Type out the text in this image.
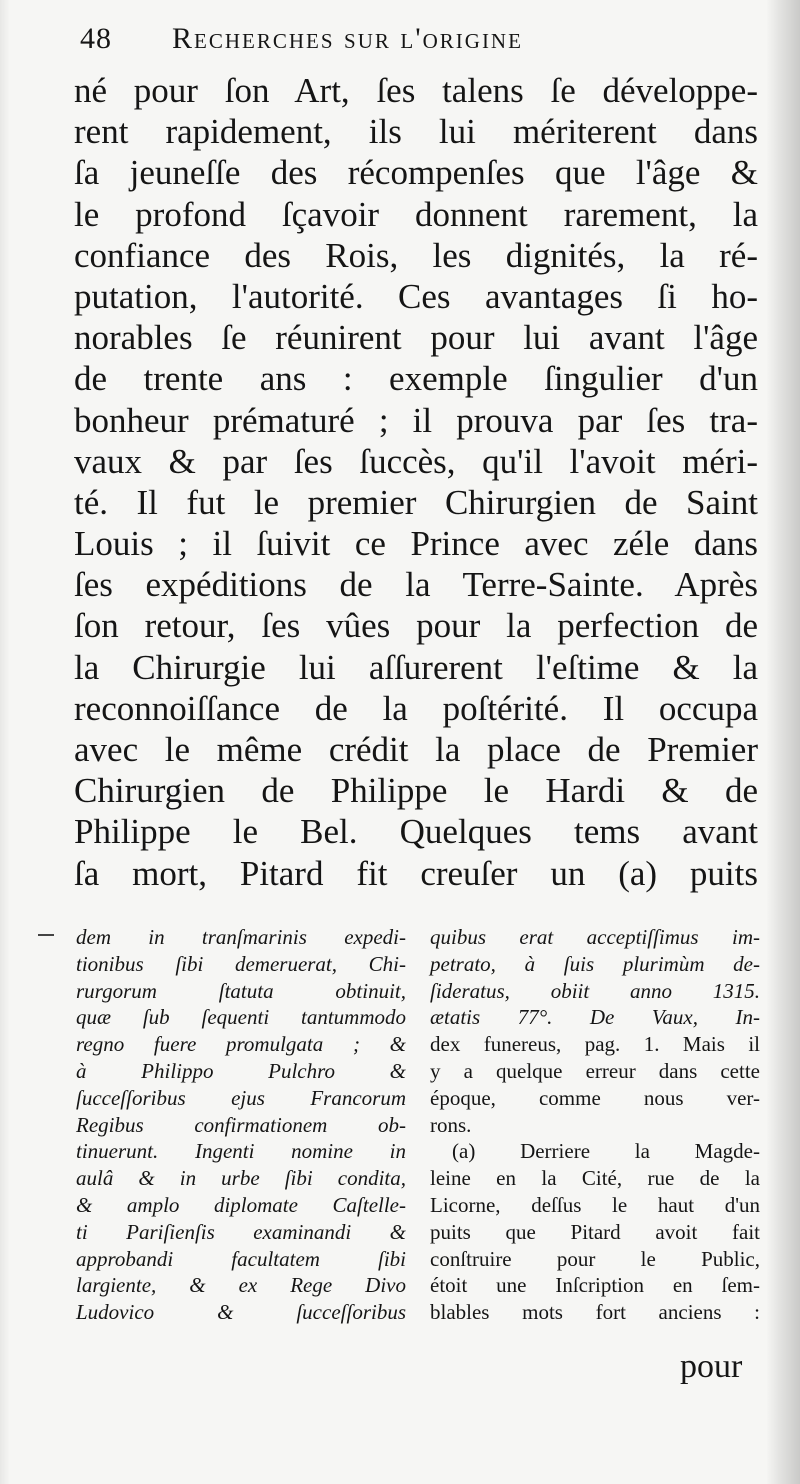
48 Recherches sur l'origine
né pour ſon Art, ſes talens ſe développe-
rent rapidement, ils lui mériterent dans
ſa jeuneſſe des récompenſes que l'âge &
le profond ſçavoir donnent rarement, la
confiance des Rois, les dignités, la ré-
putation, l'autorité. Ces avantages ſi ho-
norables ſe réunirent pour lui avant l'âge
de trente ans : exemple ſingulier d'un
bonheur prématuré ; il prouva par ſes tra-
vaux & par ſes ſuccès, qu'il l'avoit méri-
té. Il fut le premier Chirurgien de Saint
Louis ; il ſuivit ce Prince avec zéle dans
ſes expéditions de la Terre-Sainte. Après
ſon retour, ſes vûes pour la perfection de
la Chirurgie lui aſſurerent l'eſtime & la
reconnoiſſance de la poſtérité. Il occupa
avec le même crédit la place de Premier
Chirurgien de Philippe le Hardi & de
Philippe le Bel. Quelques tems avant
ſa mort, Pitard fit creuſer un (a) puits
dem in tranſmarinis expedi-
tionibus ſibi demeruerat, Chi-
rurgorum ſtatuta obtinuit,
quæ ſub ſequenti tantummodo
regno fuere promulgata ; &
à Philippo Pulchro &
ſucceſſoribus ejus Francorum
Regibus confirmationem ob-
tinuerunt. Ingenti nomine in
aulâ & in urbe ſibi condita,
& amplo diplomate Caſtelle-
ti Pariſienſis examinandi &
approbandi facultatem ſibi
largiente, & ex Rege Divo
Ludovico & ſucceſſoribus
quibus erat acceptiſſimus im-
petrato, à ſuis plurimùm de-
ſideratus, obiit anno 1315.
ætatis 77°. De Vaux, In-
dex funereus, pag. 1. Mais il
y a quelque erreur dans cette
époque, comme nous ver-
rons.
(a) Derriere la Magde-
leine en la Cité, rue de la
Licorne, deſſus le haut d'un
puits que Pitard avoit fait
conſtruire pour le Public,
étoit une Inſcription en ſem-
blables mots fort anciens :
pour
